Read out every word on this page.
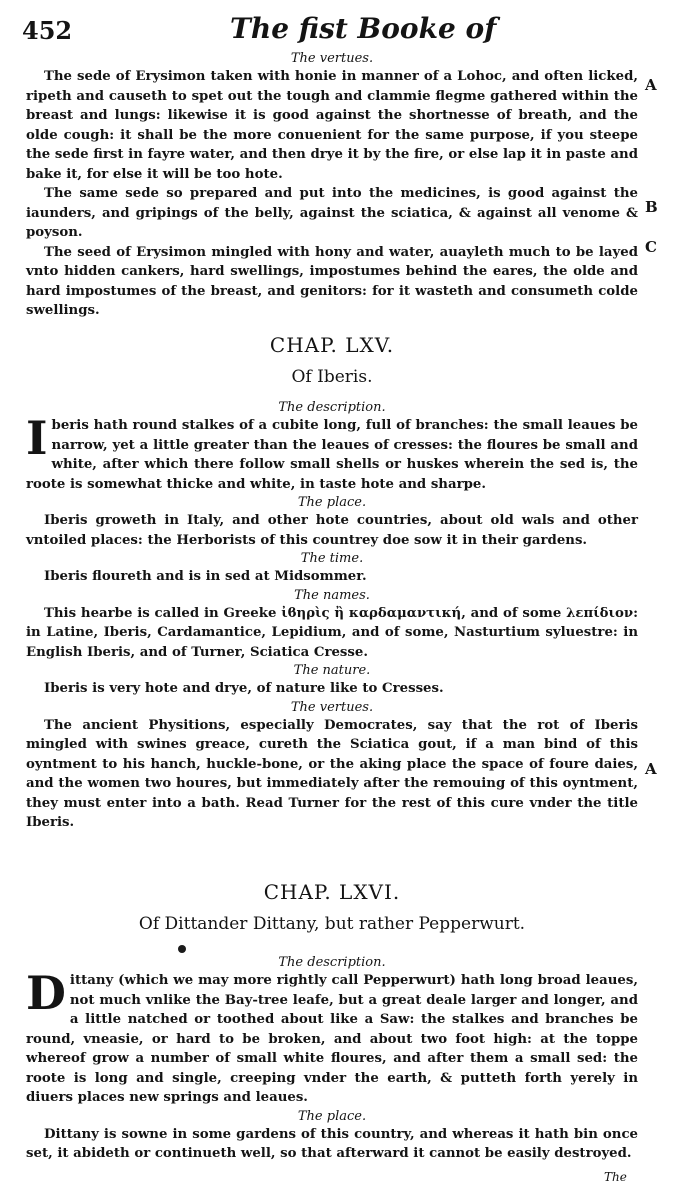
452	The fist Booke of
The vertues.

The sede of Erysimon taken with honie in manner of a Lohoc, and often licked, ripeth and causeth to spet out the tough and clammie flegme gathered within the breast and lungs: likewise it is good against the shortnesse of breath, and the olde cough: it shall be the more conuenient for the same purpose, if you steepe the sede first in fayre water, and then drye it by the fire, or else lap it in paste and bake it, for else it will be too hote.

The same sede so prepared and put into the medicines, is good against the iaunders, and gripings of the belly, against the sciatica, & against all venome & poyson.

The seed of Erysimon mingled with hony and water, auayleth much to be layed vnto hidden cankers, hard swellings, impostumes behind the eares, the olde and hard impostumes of the breast, and genitors: for it wasteth and consumeth colde swellings.

A
B
C
CHAP. LXV.
Of Iberis.
The description.

Iberis hath round stalkes of a cubite long, full of branches: the small leaues be narrow, yet a little greater than the leaues of cresses: the floures be small and white, after which there follow small shells or huskes wherein the sed is, the roote is somewhat thicke and white, in taste hote and sharpe.

The place.

Iberis groweth in Italy, and other hote countries, about old wals and other vntoiled places: the Herborists of this countrey doe sow it in their gardens.

The time.

Iberis floureth and is in sed at Midsommer.

The names.

This hearbe is called in Greeke ἰϐηρὶς ἢ καρδαμαντική, and of some λεπίδιον: in Latine, Iberis, Cardamantice, Lepidium, and of some, Nasturtium syluestre: in English Iberis, and of Turner, Sciatica Cresse.

The nature.

Iberis is very hote and drye, of nature like to Cresses.

The vertues.

The ancient Physitions, especially Democrates, say that the rot of Iberis mingled with swines greace, cureth the Sciatica gout, if a man bind of this oyntment to his hanch, huckle-bone, or the aking place the space of foure daies, and the women two houres, but immediately after the remouing of this oyntment, they must enter into a bath. Read Turner for the rest of this cure vnder the title Iberis.

A
CHAP. LXVI.
Of Dittander Dittany, but rather Pepperwurt.
The description.

Dittany (which we may more rightly call Pepperwurt) hath long broad leaues, not much vnlike the Bay-tree leafe, but a great deale larger and longer, and a little natched or toothed about like a Saw: the stalkes and branches be round, vneasie, or hard to be broken, and about two foot high: at the toppe whereof grow a number of small white floures, and after them a small sed: the roote is long and single, creeping vnder the earth, & putteth forth yerely in diuers places new springs and leaues.

The place.

Dittany is sowne in some gardens of this country, and whereas it hath bin once set, it abideth or continueth well, so that afterward it cannot be easily destroyed.

The
